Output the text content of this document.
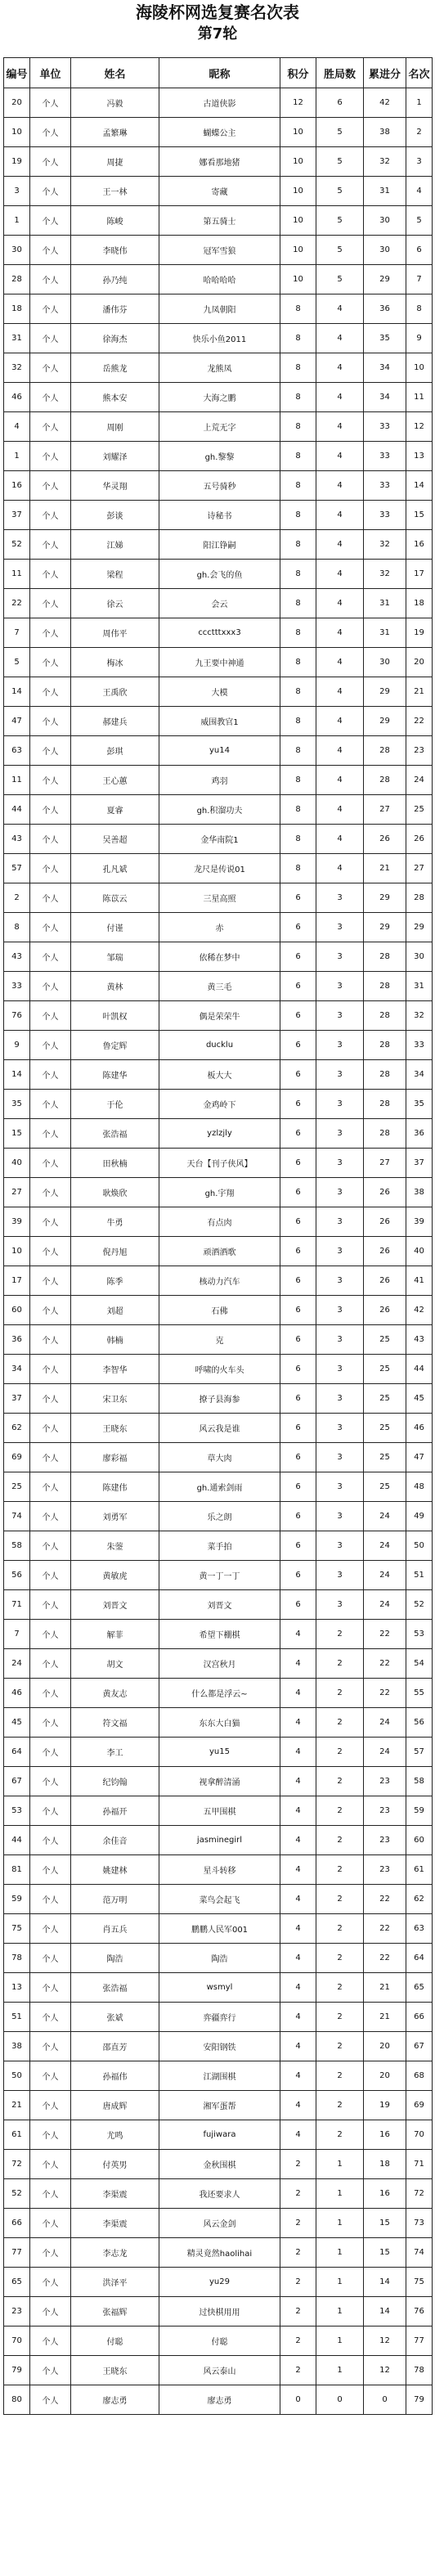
海陵杯网选复赛名次表
第7轮
编号	单位	姓名	昵称	积分	胜局数	累进分	名次
20	个人	冯毅	古道侠影	12	6	42	1
10	个人	孟繁琳	蝴蝶公主	10	5	38	2
19	个人	周捷	娜看那地猪	10	5	32	3
3	个人	王一林	寄藏	10	5	31	4
1	个人	陈峻	第五骑士	10	5	30	5
30	个人	李晓伟	冠军雪狼	10	5	30	6
28	个人	孙乃纯	哈哈哈哈	10	5	29	7
18	个人	潘伟芬	九凤朝阳	8	4	36	8
31	个人	徐海杰	快乐小鱼2011	8	4	35	9
32	个人	岳熊龙	龙熊凤	8	4	34	10
46	个人	熊本安	大海之鹏	8	4	34	11
4	个人	周刚	上荒无字	8	4	33	12
1	个人	刘耀泽	gh.黎黎	8	4	33	13
16	个人	华灵翔	五号骑秒	8	4	33	14
37	个人	彭谈	诗秘书	8	4	33	15
52	个人	江娣	阳江铮嗣	8	4	32	16
11	个人	梁程	gh.会飞的鱼	8	4	32	17
22	个人	徐云	会云	8	4	31	18
7	个人	周伟平	ccctttxxx3	8	4	31	19
5	个人	梅冰	九王要中神通	8	4	30	20
14	个人	王禹欣	大模	8	4	29	21
47	个人	郝建兵	威围教官1	8	4	29	22
63	个人	彭琪	yu14	8	4	28	23
11	个人	王心蕙	鸡羽	8	4	28	24
44	个人	夏睿	gh.积溜功夫	8	4	27	25
43	个人	吴善超	金华南院1	8	4	26	26
57	个人	孔凡斌	龙尺是传说01	8	4	21	27
2	个人	陈苡云	三星高照	6	3	29	28
8	个人	付谨	赤	6	3	29	29
43	个人	邹瑞	依稀在梦中	6	3	28	30
33	个人	黄林	黄三毛	6	3	28	31
76	个人	叶凯权	偶是荣荣牛	6	3	28	32
9	个人	鲁定辉	ducklu	6	3	28	33
14	个人	陈建华	板大大	6	3	28	34
35	个人	于伦	金鸡岭下	6	3	28	35
15	个人	张浩福	yzlzjly	6	3	28	36
40	个人	田秋楠	天台【刊子侠风】	6	3	27	37
27	个人	耿焕欣	gh.宇翔	6	3	26	38
39	个人	牛勇	有点肉	6	3	26	39
10	个人	倪丹旭	顽酒酒歌	6	3	26	40
17	个人	陈季	核动力汽车	6	3	26	41
60	个人	刘超	石佛	6	3	26	42
36	个人	韩楠	克	6	3	25	43
34	个人	李智华	呼啸的火车头	6	3	25	44
37	个人	宋卫东	撩子县海参	6	3	25	45
62	个人	王晓东	风云我是谁	6	3	25	46
69	个人	廖彩福	草大肉	6	3	25	47
25	个人	陈建伟	gh.通索剑雨	6	3	25	48
74	个人	刘勇军	乐之朗	6	3	24	49
58	个人	朱蓥	菜手拍	6	3	24	50
56	个人	黄敏虎	黄一丁一丁	6	3	24	51
71	个人	刘晋文	刘晋文	6	3	24	52
7	个人	解菲	希望下棚棋	4	2	22	53
24	个人	胡文	汉宫秋月	4	2	22	54
46	个人	黄友志	什么都是浮云~	4	2	22	55
45	个人	符文福	东东大白猫	4	2	24	56
64	个人	李工	yu15	4	2	24	57
67	个人	纪钧翰	视拿醉清涌	4	2	23	58
53	个人	孙福开	五甲围棋	4	2	23	59
44	个人	余佳音	jasminegirl	4	2	23	60
81	个人	姚建林	星斗转移	4	2	23	61
59	个人	范万明	菜鸟会起飞	4	2	22	62
75	个人	肖五兵	鹏鹏人民军001	4	2	22	63
78	个人	陶浩	陶浩	4	2	22	64
13	个人	张浩福	wsmyl	4	2	21	65
51	个人	张斌	弈疆弈行	4	2	21	66
38	个人	邵直芳	安阳钢铁	4	2	20	67
50	个人	孙福伟	江湖围棋	4	2	20	68
21	个人	唐成辉	湘军蛋帮	4	2	19	69
61	个人	尤鸣	fujiwara	4	2	16	70
72	个人	付英男	金秋围棋	2	1	18	71
52	个人	李渠震	我还要求人	2	1	16	72
66	个人	李渠震	风云金剑	2	1	15	73
77	个人	李志龙	精灵竟然haolihai	2	1	15	74
65	个人	洪泽平	yu29	2	1	14	75
23	个人	张福辉	过快棋用用	2	1	14	76
70	个人	付聪	付聪	2	1	12	77
79	个人	王晓东	风云泰山	2	1	12	78
80	个人	廖志勇	廖志勇	0	0	0	79
